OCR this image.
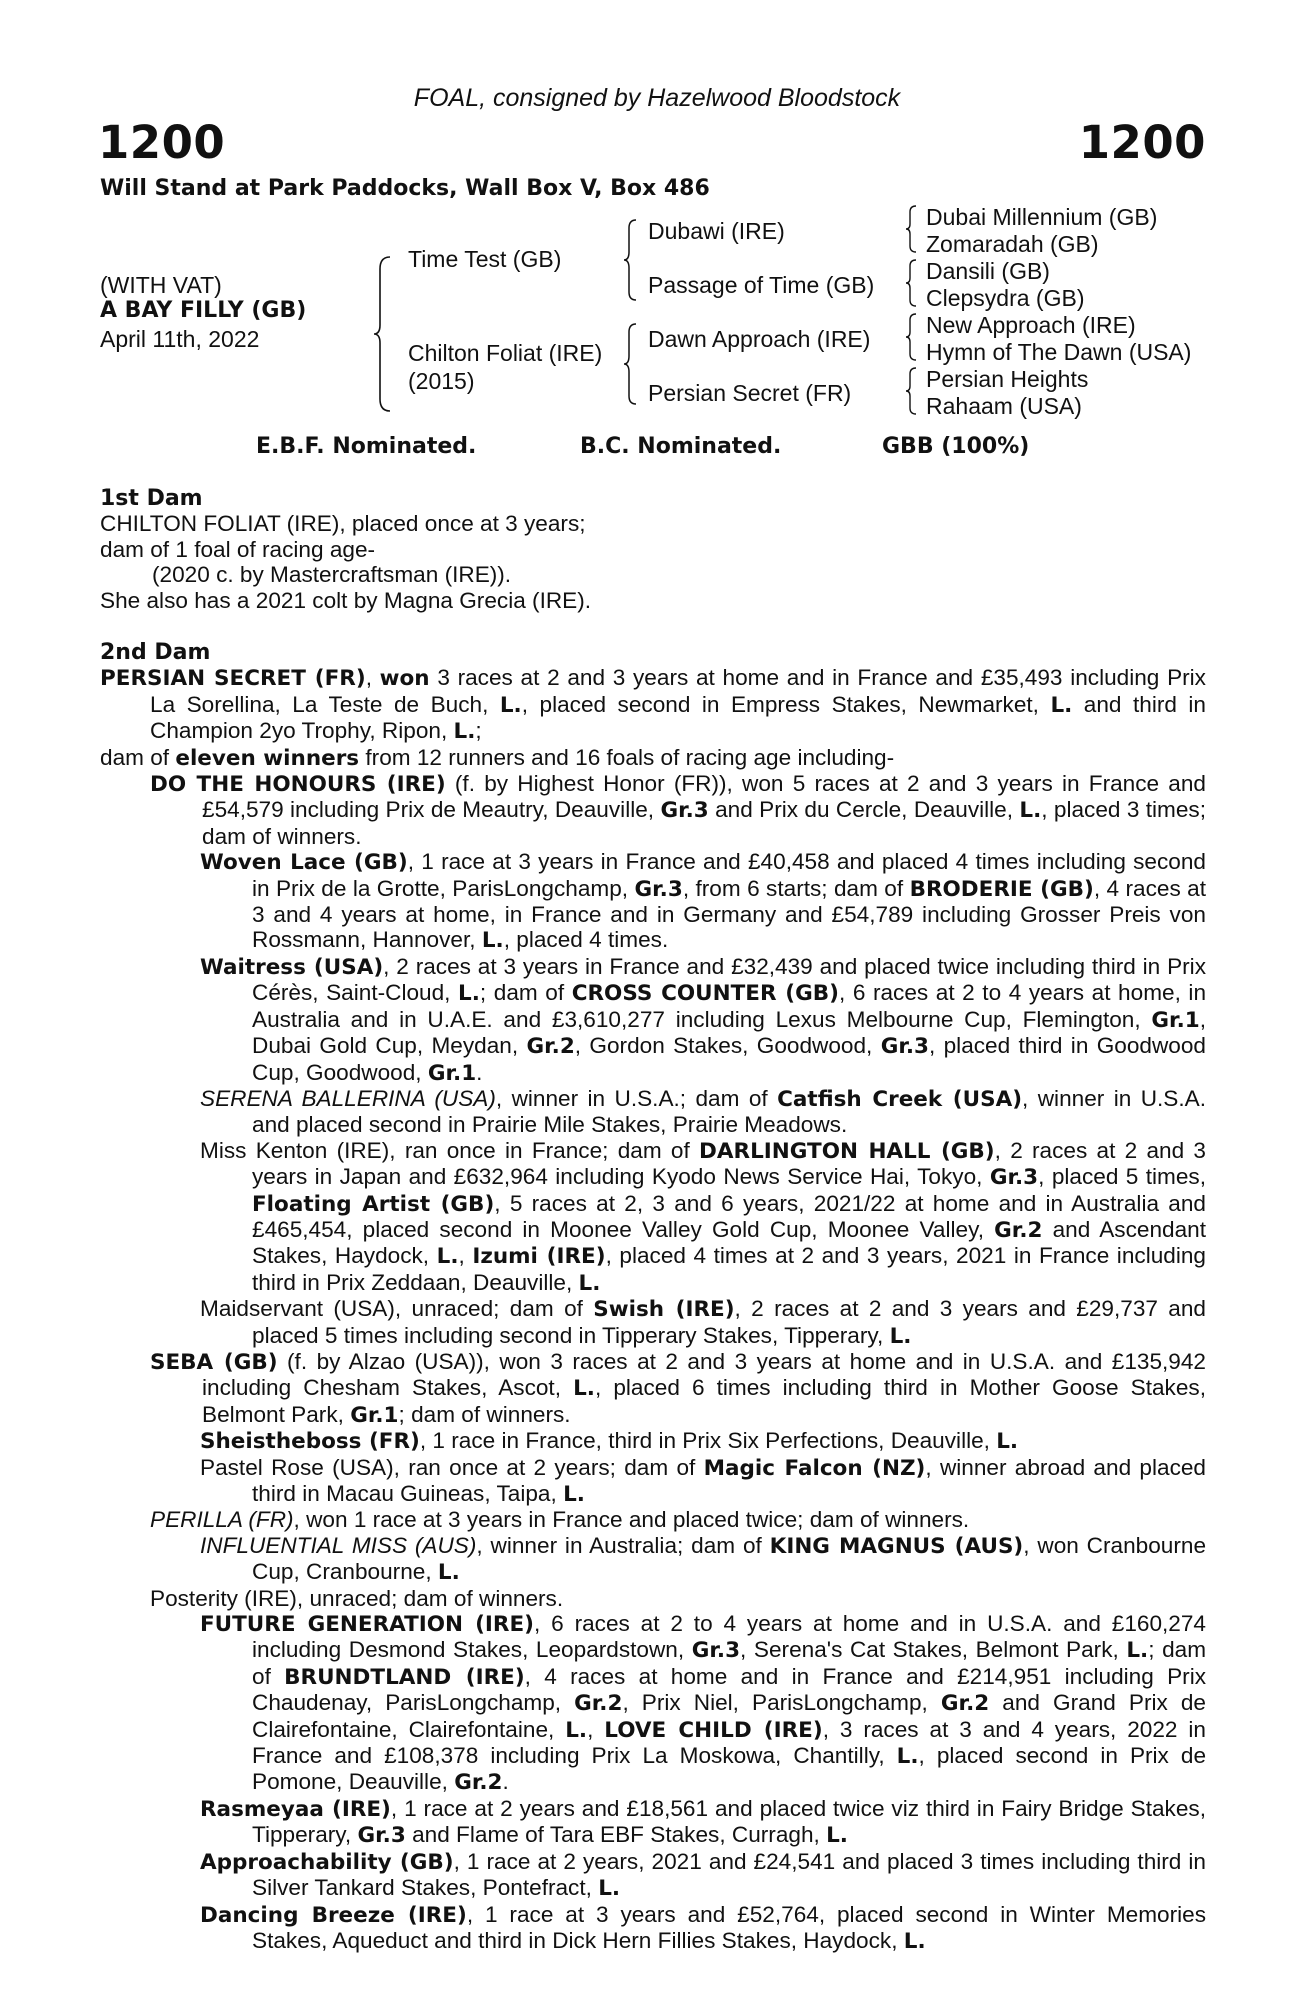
FOAL, consigned by Hazelwood Bloodstock
1200	1200
Will Stand at Park Paddocks, Wall Box V, Box 486
(WITH VAT)
A BAY FILLY (GB)
April 11th, 2022
Time Test (GB)
Chilton Foliat (IRE)
(2015)
Dubawi (IRE)
Passage of Time (GB)
Dawn Approach (IRE)
Persian Secret (FR)
Dubai Millennium (GB)
Zomaradah (GB)
Dansili (GB)
Clepsydra (GB)
New Approach (IRE)
Hymn of The Dawn (USA)
Persian Heights
Rahaam (USA)
E.B.F. Nominated.	B.C. Nominated.	GBB (100%)

1st Dam

CHILTON FOLIAT (IRE), placed once at 3 years;

dam of 1 foal of racing age-

(2020 c. by Mastercraftsman (IRE)).

She also has a 2021 colt by Magna Grecia (IRE).

2nd Dam

PERSIAN SECRET (FR), won 3 races at 2 and 3 years at home and in France and £35,493 including Prix La Sorellina, La Teste de Buch, L., placed second in Empress Stakes, Newmarket, L. and third in Champion 2yo Trophy, Ripon, L.;

dam of eleven winners from 12 runners and 16 foals of racing age including-

DO THE HONOURS (IRE) (f. by Highest Honor (FR)), won 5 races at 2 and 3 years in France and £54,579 including Prix de Meautry, Deauville, Gr.3 and Prix du Cercle, Deauville, L., placed 3 times; dam of winners.

Woven Lace (GB), 1 race at 3 years in France and £40,458 and placed 4 times including second in Prix de la Grotte, ParisLongchamp, Gr.3, from 6 starts; dam of BRODERIE (GB), 4 races at 3 and 4 years at home, in France and in Germany and £54,789 including Grosser Preis von Rossmann, Hannover, L., placed 4 times.

Waitress (USA), 2 races at 3 years in France and £32,439 and placed twice including third in Prix Cérès, Saint-Cloud, L.; dam of CROSS COUNTER (GB), 6 races at 2 to 4 years at home, in Australia and in U.A.E. and £3,610,277 including Lexus Melbourne Cup, Flemington, Gr.1, Dubai Gold Cup, Meydan, Gr.2, Gordon Stakes, Goodwood, Gr.3, placed third in Goodwood Cup, Goodwood, Gr.1.

SERENA BALLERINA (USA), winner in U.S.A.; dam of Catfish Creek (USA), winner in U.S.A. and placed second in Prairie Mile Stakes, Prairie Meadows.

Miss Kenton (IRE), ran once in France; dam of DARLINGTON HALL (GB), 2 races at 2 and 3 years in Japan and £632,964 including Kyodo News Service Hai, Tokyo, Gr.3, placed 5 times, Floating Artist (GB), 5 races at 2, 3 and 6 years, 2021/22 at home and in Australia and £465,454, placed second in Moonee Valley Gold Cup, Moonee Valley, Gr.2 and Ascendant Stakes, Haydock, L., Izumi (IRE), placed 4 times at 2 and 3 years, 2021 in France including third in Prix Zeddaan, Deauville, L.

Maidservant (USA), unraced; dam of Swish (IRE), 2 races at 2 and 3 years and £29,737 and placed 5 times including second in Tipperary Stakes, Tipperary, L.

SEBA (GB) (f. by Alzao (USA)), won 3 races at 2 and 3 years at home and in U.S.A. and £135,942 including Chesham Stakes, Ascot, L., placed 6 times including third in Mother Goose Stakes, Belmont Park, Gr.1; dam of winners.

Sheistheboss (FR), 1 race in France, third in Prix Six Perfections, Deauville, L.

Pastel Rose (USA), ran once at 2 years; dam of Magic Falcon (NZ), winner abroad and placed third in Macau Guineas, Taipa, L.

PERILLA (FR), won 1 race at 3 years in France and placed twice; dam of winners.

INFLUENTIAL MISS (AUS), winner in Australia; dam of KING MAGNUS (AUS), won Cranbourne Cup, Cranbourne, L.

Posterity (IRE), unraced; dam of winners.

FUTURE GENERATION (IRE), 6 races at 2 to 4 years at home and in U.S.A. and £160,274 including Desmond Stakes, Leopardstown, Gr.3, Serena's Cat Stakes, Belmont Park, L.; dam of BRUNDTLAND (IRE), 4 races at home and in France and £214,951 including Prix Chaudenay, ParisLongchamp, Gr.2, Prix Niel, ParisLongchamp, Gr.2 and Grand Prix de Clairefontaine, Clairefontaine, L., LOVE CHILD (IRE), 3 races at 3 and 4 years, 2022 in France and £108,378 including Prix La Moskowa, Chantilly, L., placed second in Prix de Pomone, Deauville, Gr.2.

Rasmeyaa (IRE), 1 race at 2 years and £18,561 and placed twice viz third in Fairy Bridge Stakes, Tipperary, Gr.3 and Flame of Tara EBF Stakes, Curragh, L.

Approachability (GB), 1 race at 2 years, 2021 and £24,541 and placed 3 times including third in Silver Tankard Stakes, Pontefract, L.

Dancing Breeze (IRE), 1 race at 3 years and £52,764, placed second in Winter Memories Stakes, Aqueduct and third in Dick Hern Fillies Stakes, Haydock, L.
